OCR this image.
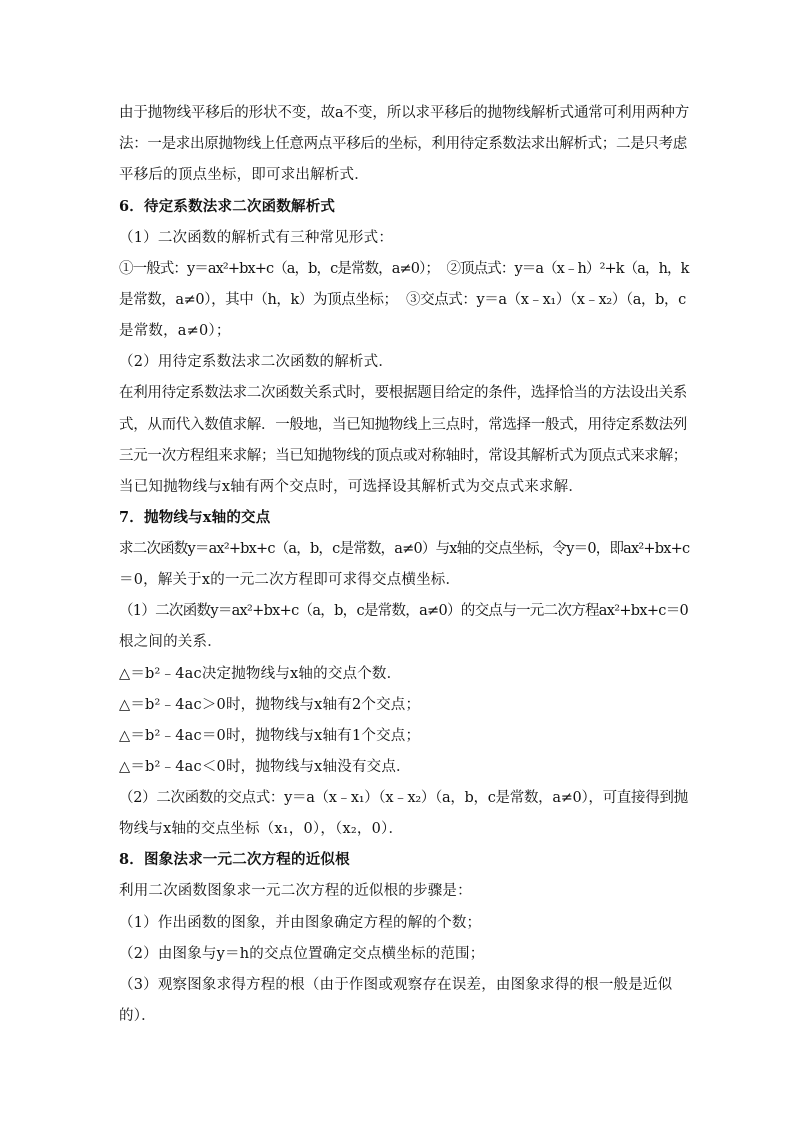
由于抛物线平移后的形状不变，故a不变，所以求平移后的抛物线解析式通常可利用两种方
法：一是求出原抛物线上任意两点平移后的坐标，利用待定系数法求出解析式；二是只考虑
平移后的顶点坐标，即可求出解析式．
6．待定系数法求二次函数解析式
（1）二次函数的解析式有三种常见形式：
①一般式：y＝ax²+bx+c（a，b，c是常数，a≠0）；  ②顶点式：y＝a（x﹣h）²+k（a，h，k
是常数，a≠0），其中（h，k）为顶点坐标；  ③交点式：y＝a（x﹣x₁）（x﹣x₂）（a，b，c
是常数，a≠0）；
（2）用待定系数法求二次函数的解析式．
在利用待定系数法求二次函数关系式时，要根据题目给定的条件，选择恰当的方法设出关系
式，从而代入数值求解．一般地，当已知抛物线上三点时，常选择一般式，用待定系数法列
三元一次方程组来求解；当已知抛物线的顶点或对称轴时，常设其解析式为顶点式来求解；
当已知抛物线与x轴有两个交点时，可选择设其解析式为交点式来求解．
7．抛物线与x轴的交点
求二次函数y＝ax²+bx+c（a，b，c是常数，a≠0）与x轴的交点坐标，令y＝0，即ax²+bx+c
＝0，解关于x的一元二次方程即可求得交点横坐标．
（1）二次函数y＝ax²+bx+c（a，b，c是常数，a≠0）的交点与一元二次方程ax²+bx+c＝0
根之间的关系．
△＝b²﹣4ac决定抛物线与x轴的交点个数．
△＝b²﹣4ac＞0时，抛物线与x轴有2个交点；
△＝b²﹣4ac＝0时，抛物线与x轴有1个交点；
△＝b²﹣4ac＜0时，抛物线与x轴没有交点．
（2）二次函数的交点式：y＝a（x﹣x₁）（x﹣x₂）（a，b，c是常数，a≠0），可直接得到抛
物线与x轴的交点坐标（x₁，0），（x₂，0）．
8．图象法求一元二次方程的近似根
利用二次函数图象求一元二次方程的近似根的步骤是：
（1）作出函数的图象，并由图象确定方程的解的个数；
（2）由图象与y＝h的交点位置确定交点横坐标的范围；
（3）观察图象求得方程的根（由于作图或观察存在误差，由图象求得的根一般是近似
的）．
